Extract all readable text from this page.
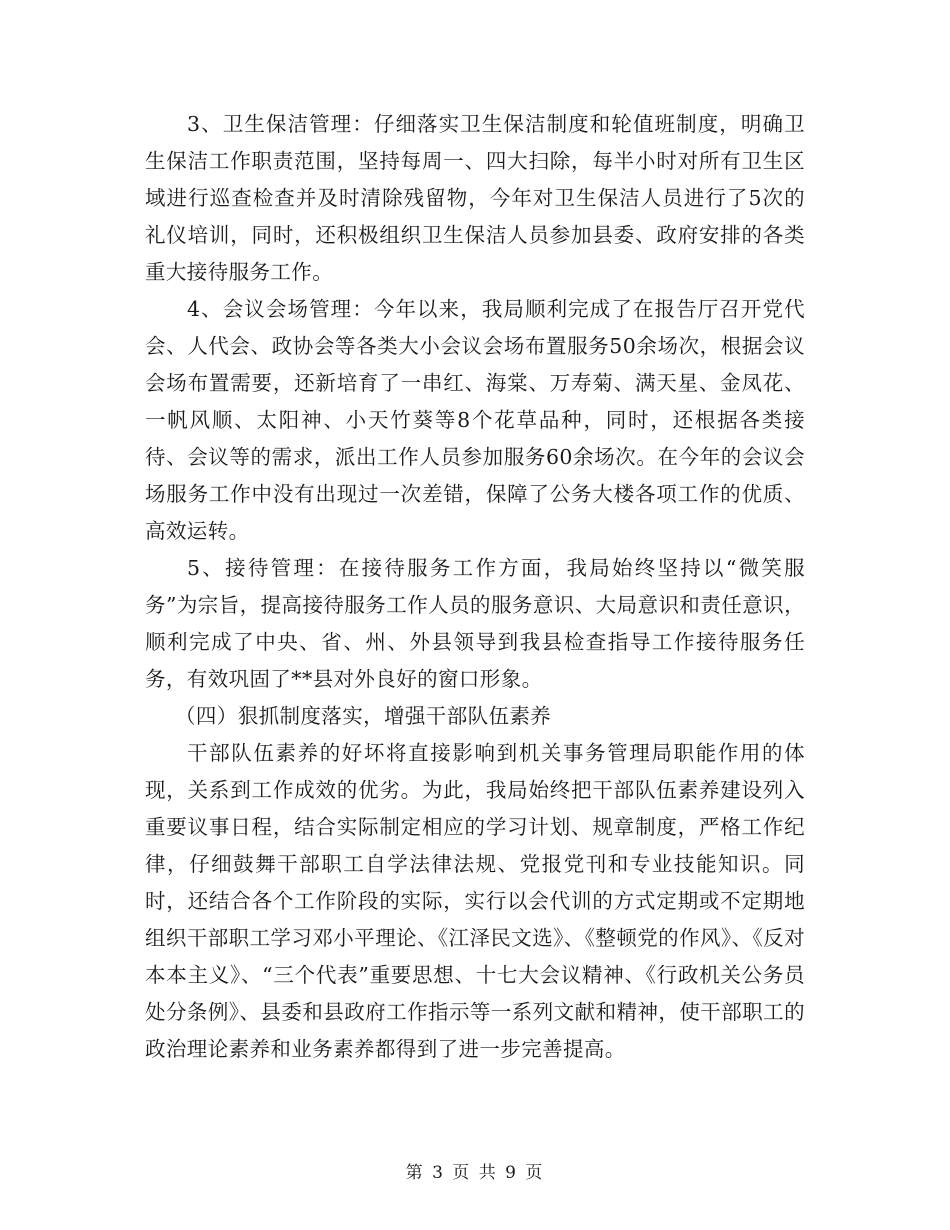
3、卫生保洁管理：仔细落实卫生保洁制度和轮值班制度，明确卫生保洁工作职责范围，坚持每周一、四大扫除，每半小时对所有卫生区域进行巡查检查并及时清除残留物，今年对卫生保洁人员进行了5次的礼仪培训，同时，还积极组织卫生保洁人员参加县委、政府安排的各类重大接待服务工作。

4、会议会场管理：今年以来，我局顺利完成了在报告厅召开党代会、人代会、政协会等各类大小会议会场布置服务50余场次，根据会议会场布置需要，还新培育了一串红、海棠、万寿菊、满天星、金凤花、一帆风顺、太阳神、小天竹葵等8个花草品种，同时，还根据各类接待、会议等的需求，派出工作人员参加服务60余场次。在今年的会议会场服务工作中没有出现过一次差错，保障了公务大楼各项工作的优质、高效运转。

5、接待管理：在接待服务工作方面，我局始终坚持以“微笑服务”为宗旨，提高接待服务工作人员的服务意识、大局意识和责任意识，顺利完成了中央、省、州、外县领导到我县检查指导工作接待服务任务，有效巩固了**县对外良好的窗口形象。

（四）狠抓制度落实，增强干部队伍素养

干部队伍素养的好坏将直接影响到机关事务管理局职能作用的体现，关系到工作成效的优劣。为此，我局始终把干部队伍素养建设列入重要议事日程，结合实际制定相应的学习计划、规章制度，严格工作纪律，仔细鼓舞干部职工自学法律法规、党报党刊和专业技能知识。同时，还结合各个工作阶段的实际，实行以会代训的方式定期或不定期地组织干部职工学习邓小平理论、《江泽民文选》、《整顿党的作风》、《反对本本主义》、“三个代表”重要思想、十七大会议精神、《行政机关公务员处分条例》、县委和县政府工作指示等一系列文献和精神，使干部职工的政治理论素养和业务素养都得到了进一步完善提高。

第 3 页 共 9 页
